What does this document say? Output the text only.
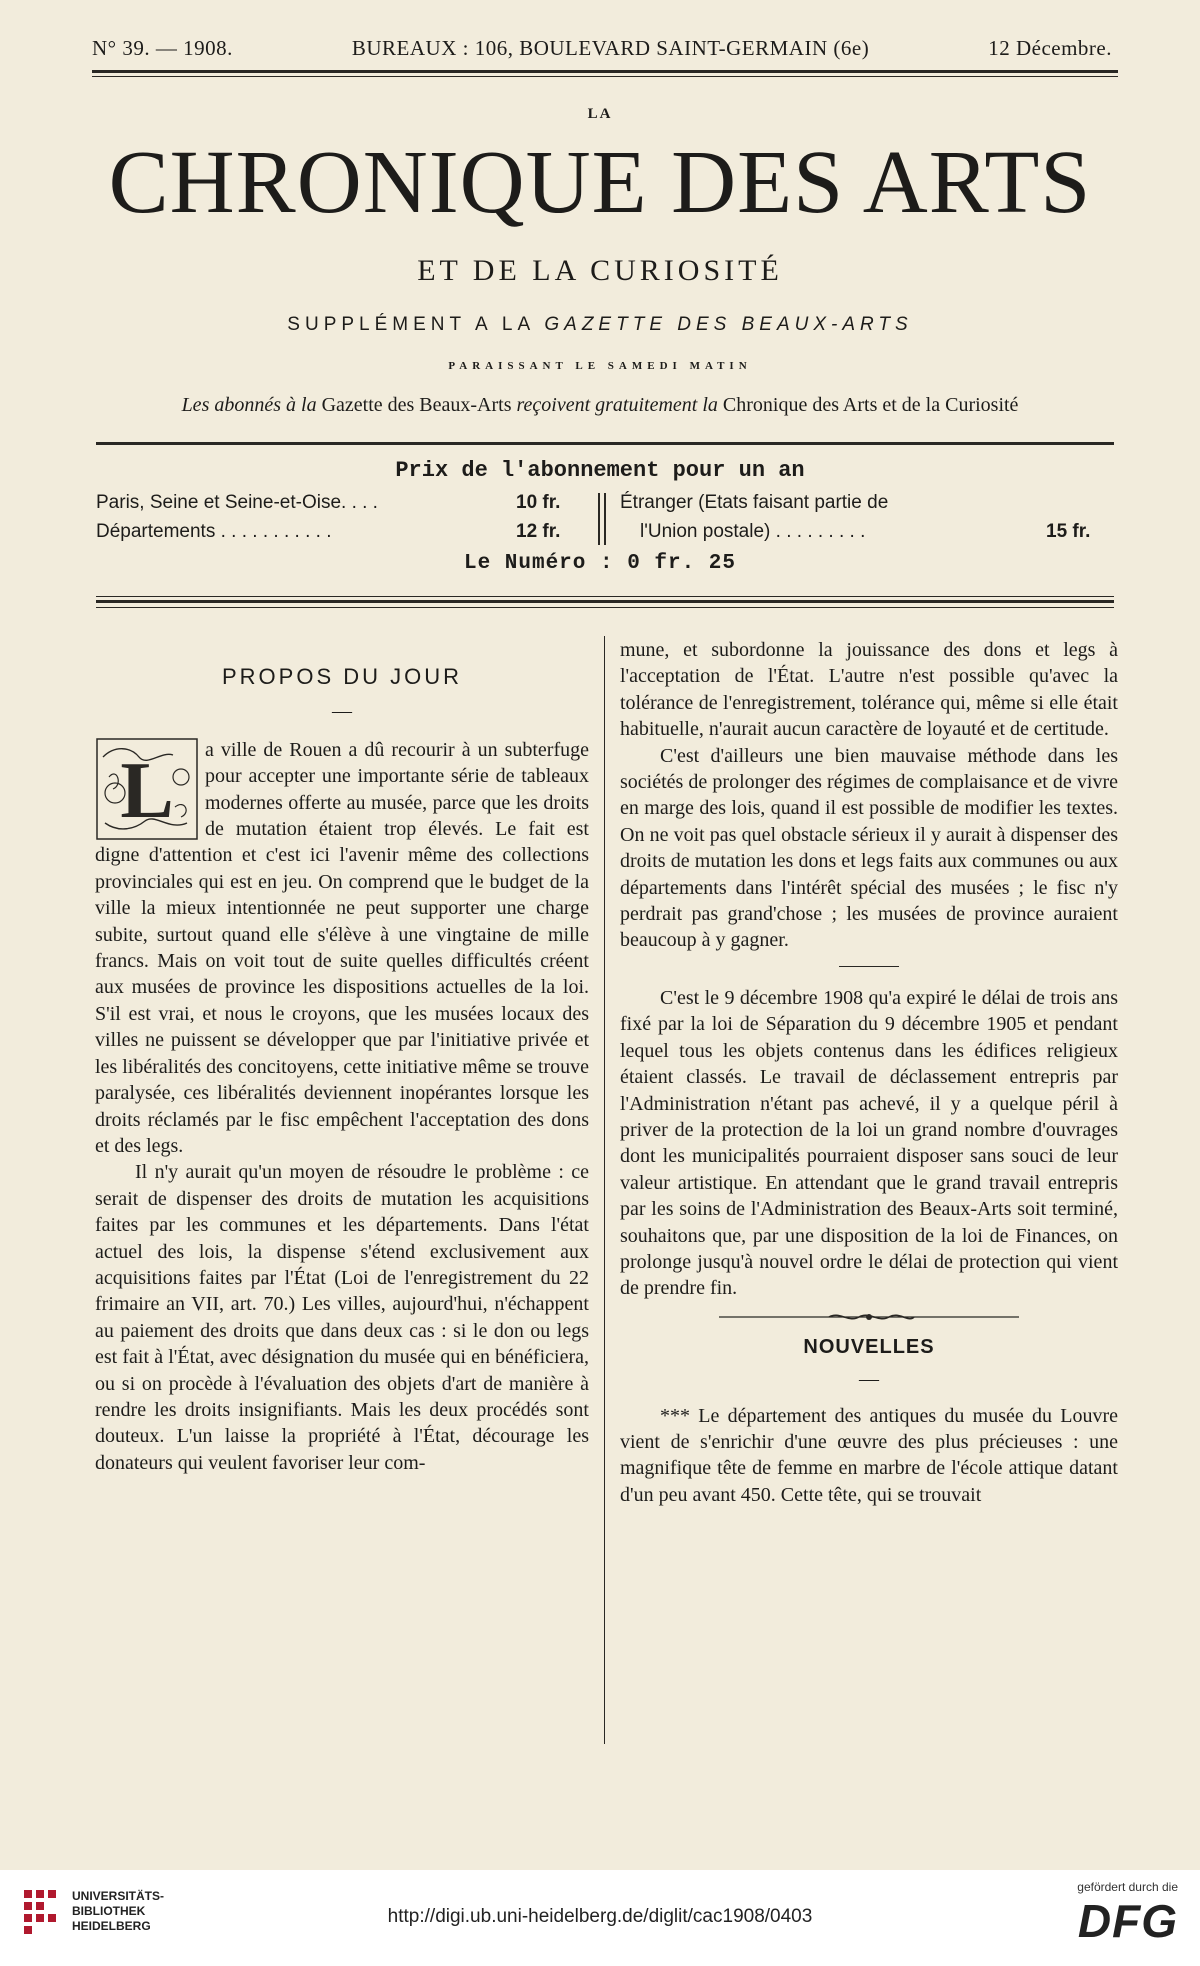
N° 39. — 1908.	BUREAUX : 106, BOULEVARD SAINT-GERMAIN (6e)	12 Décembre.
LA
CHRONIQUE DES ARTS
ET DE LA CURIOSITÉ
SUPPLÉMENT A LA GAZETTE DES BEAUX-ARTS
PARAISSANT LE SAMEDI MATIN
Les abonnés à la Gazette des Beaux-Arts reçoivent gratuitement la Chronique des Arts et de la Curiosité
Prix de l'abonnement pour un an
Paris, Seine et Seine-et-Oise. . . .	10 fr.
Départements . . . . . . . . . . .	12 fr.
Étranger (Etats faisant partie de
l'Union postale) . . . . . . . . .	15 fr.
Le Numéro : 0 fr. 25
PROPOS DU JOUR
—

L a ville de Rouen a dû recourir à un subterfuge pour accepter une importante série de tableaux modernes offerte au musée, parce que les droits de mutation étaient trop élevés. Le fait est digne d'attention et c'est ici l'avenir même des collections provinciales qui est en jeu. On comprend que le budget de la ville la mieux intentionnée ne peut supporter une charge subite, surtout quand elle s'élève à une vingtaine de mille francs. Mais on voit tout de suite quelles difficultés créent aux musées de province les dispositions actuelles de la loi. S'il est vrai, et nous le croyons, que les musées locaux des villes ne puissent se développer que par l'initiative privée et les libéralités des concitoyens, cette initiative même se trouve paralysée, ces libéralités deviennent inopérantes lorsque les droits réclamés par le fisc empêchent l'acceptation des dons et des legs.

Il n'y aurait qu'un moyen de résoudre le problème : ce serait de dispenser des droits de mutation les acquisitions faites par les communes et les départements. Dans l'état actuel des lois, la dispense s'étend exclusivement aux acquisitions faites par l'État (Loi de l'enregistrement du 22 frimaire an VII, art. 70.) Les villes, aujourd'hui, n'échappent au paiement des droits que dans deux cas : si le don ou legs est fait à l'État, avec désignation du musée qui en bénéficiera, ou si on procède à l'évaluation des objets d'art de manière à rendre les droits insignifiants. Mais les deux procédés sont douteux. L'un laisse la propriété à l'État, décourage les donateurs qui veulent favoriser leur com-

mune, et subordonne la jouissance des dons et legs à l'acceptation de l'État. L'autre n'est possible qu'avec la tolérance de l'enregistrement, tolérance qui, même si elle était habituelle, n'aurait aucun caractère de loyauté et de certitude.

C'est d'ailleurs une bien mauvaise méthode dans les sociétés de prolonger des régimes de complaisance et de vivre en marge des lois, quand il est possible de modifier les textes. On ne voit pas quel obstacle sérieux il y aurait à dispenser des droits de mutation les dons et legs faits aux communes ou aux départements dans l'intérêt spécial des musées ; le fisc n'y perdrait pas grand'chose ; les musées de province auraient beaucoup à y gagner.

C'est le 9 décembre 1908 qu'a expiré le délai de trois ans fixé par la loi de Séparation du 9 décembre 1905 et pendant lequel tous les objets contenus dans les édifices religieux étaient classés. Le travail de déclassement entrepris par l'Administration n'étant pas achevé, il y a quelque péril à priver de la protection de la loi un grand nombre d'ouvrages dont les municipalités pourraient disposer sans souci de leur valeur artistique. En attendant que le grand travail entrepris par les soins de l'Administration des Beaux-Arts soit terminé, souhaitons que, par une disposition de la loi de Finances, on prolonge jusqu'à nouvel ordre le délai de protection qui vient de prendre fin.

NOUVELLES
—

*** Le département des antiques du musée du Louvre vient de s'enrichir d'une œuvre des plus précieuses : une magnifique tête de femme en marbre de l'école attique datant d'un peu avant 450. Cette tête, qui se trouvait

UNIVERSITÄTS-
BIBLIOTHEK
HEIDELBERG	http://digi.ub.uni-heidelberg.de/diglit/cac1908/0403
gefördert durch die
DFG
